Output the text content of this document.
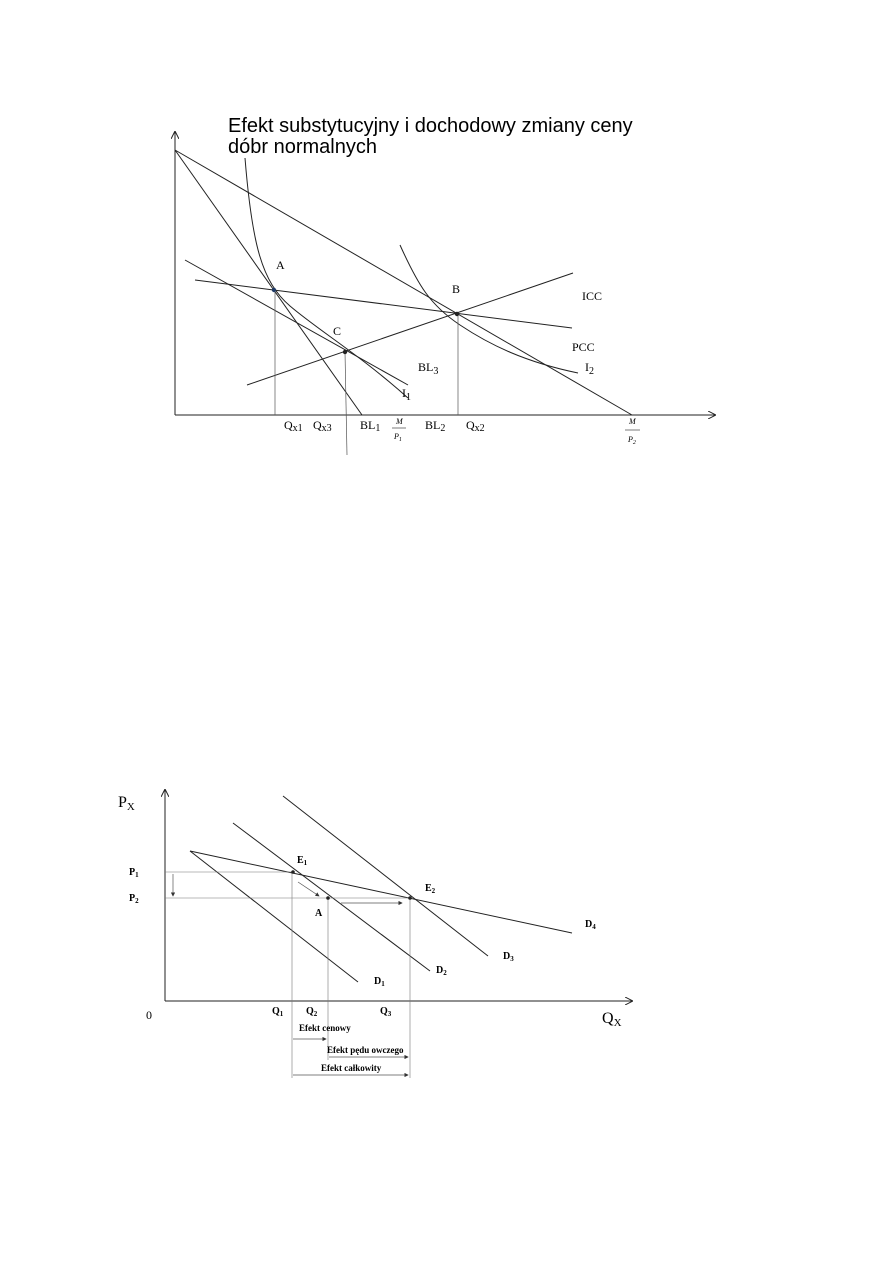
Efekt substytucyjny i dochodowy zmiany ceny
dóbr normalnych
A
B
C
ICC
PCC
$BL_3$
$I_1$
$I_2$
Qx1 Qx3 BL1
M
$P_1$
BL2 Qx2
M
$P_2$
PX
QX
0
$P_1$
$P_2$
$E_1$
$E_2$
A
$D_1$
$D_2$
$D_3$
$D_4$
$Q_1$ $Q_2$	$Q_3$
Efekt cenowy
Efekt pędu owczego
Efekt całkowity
